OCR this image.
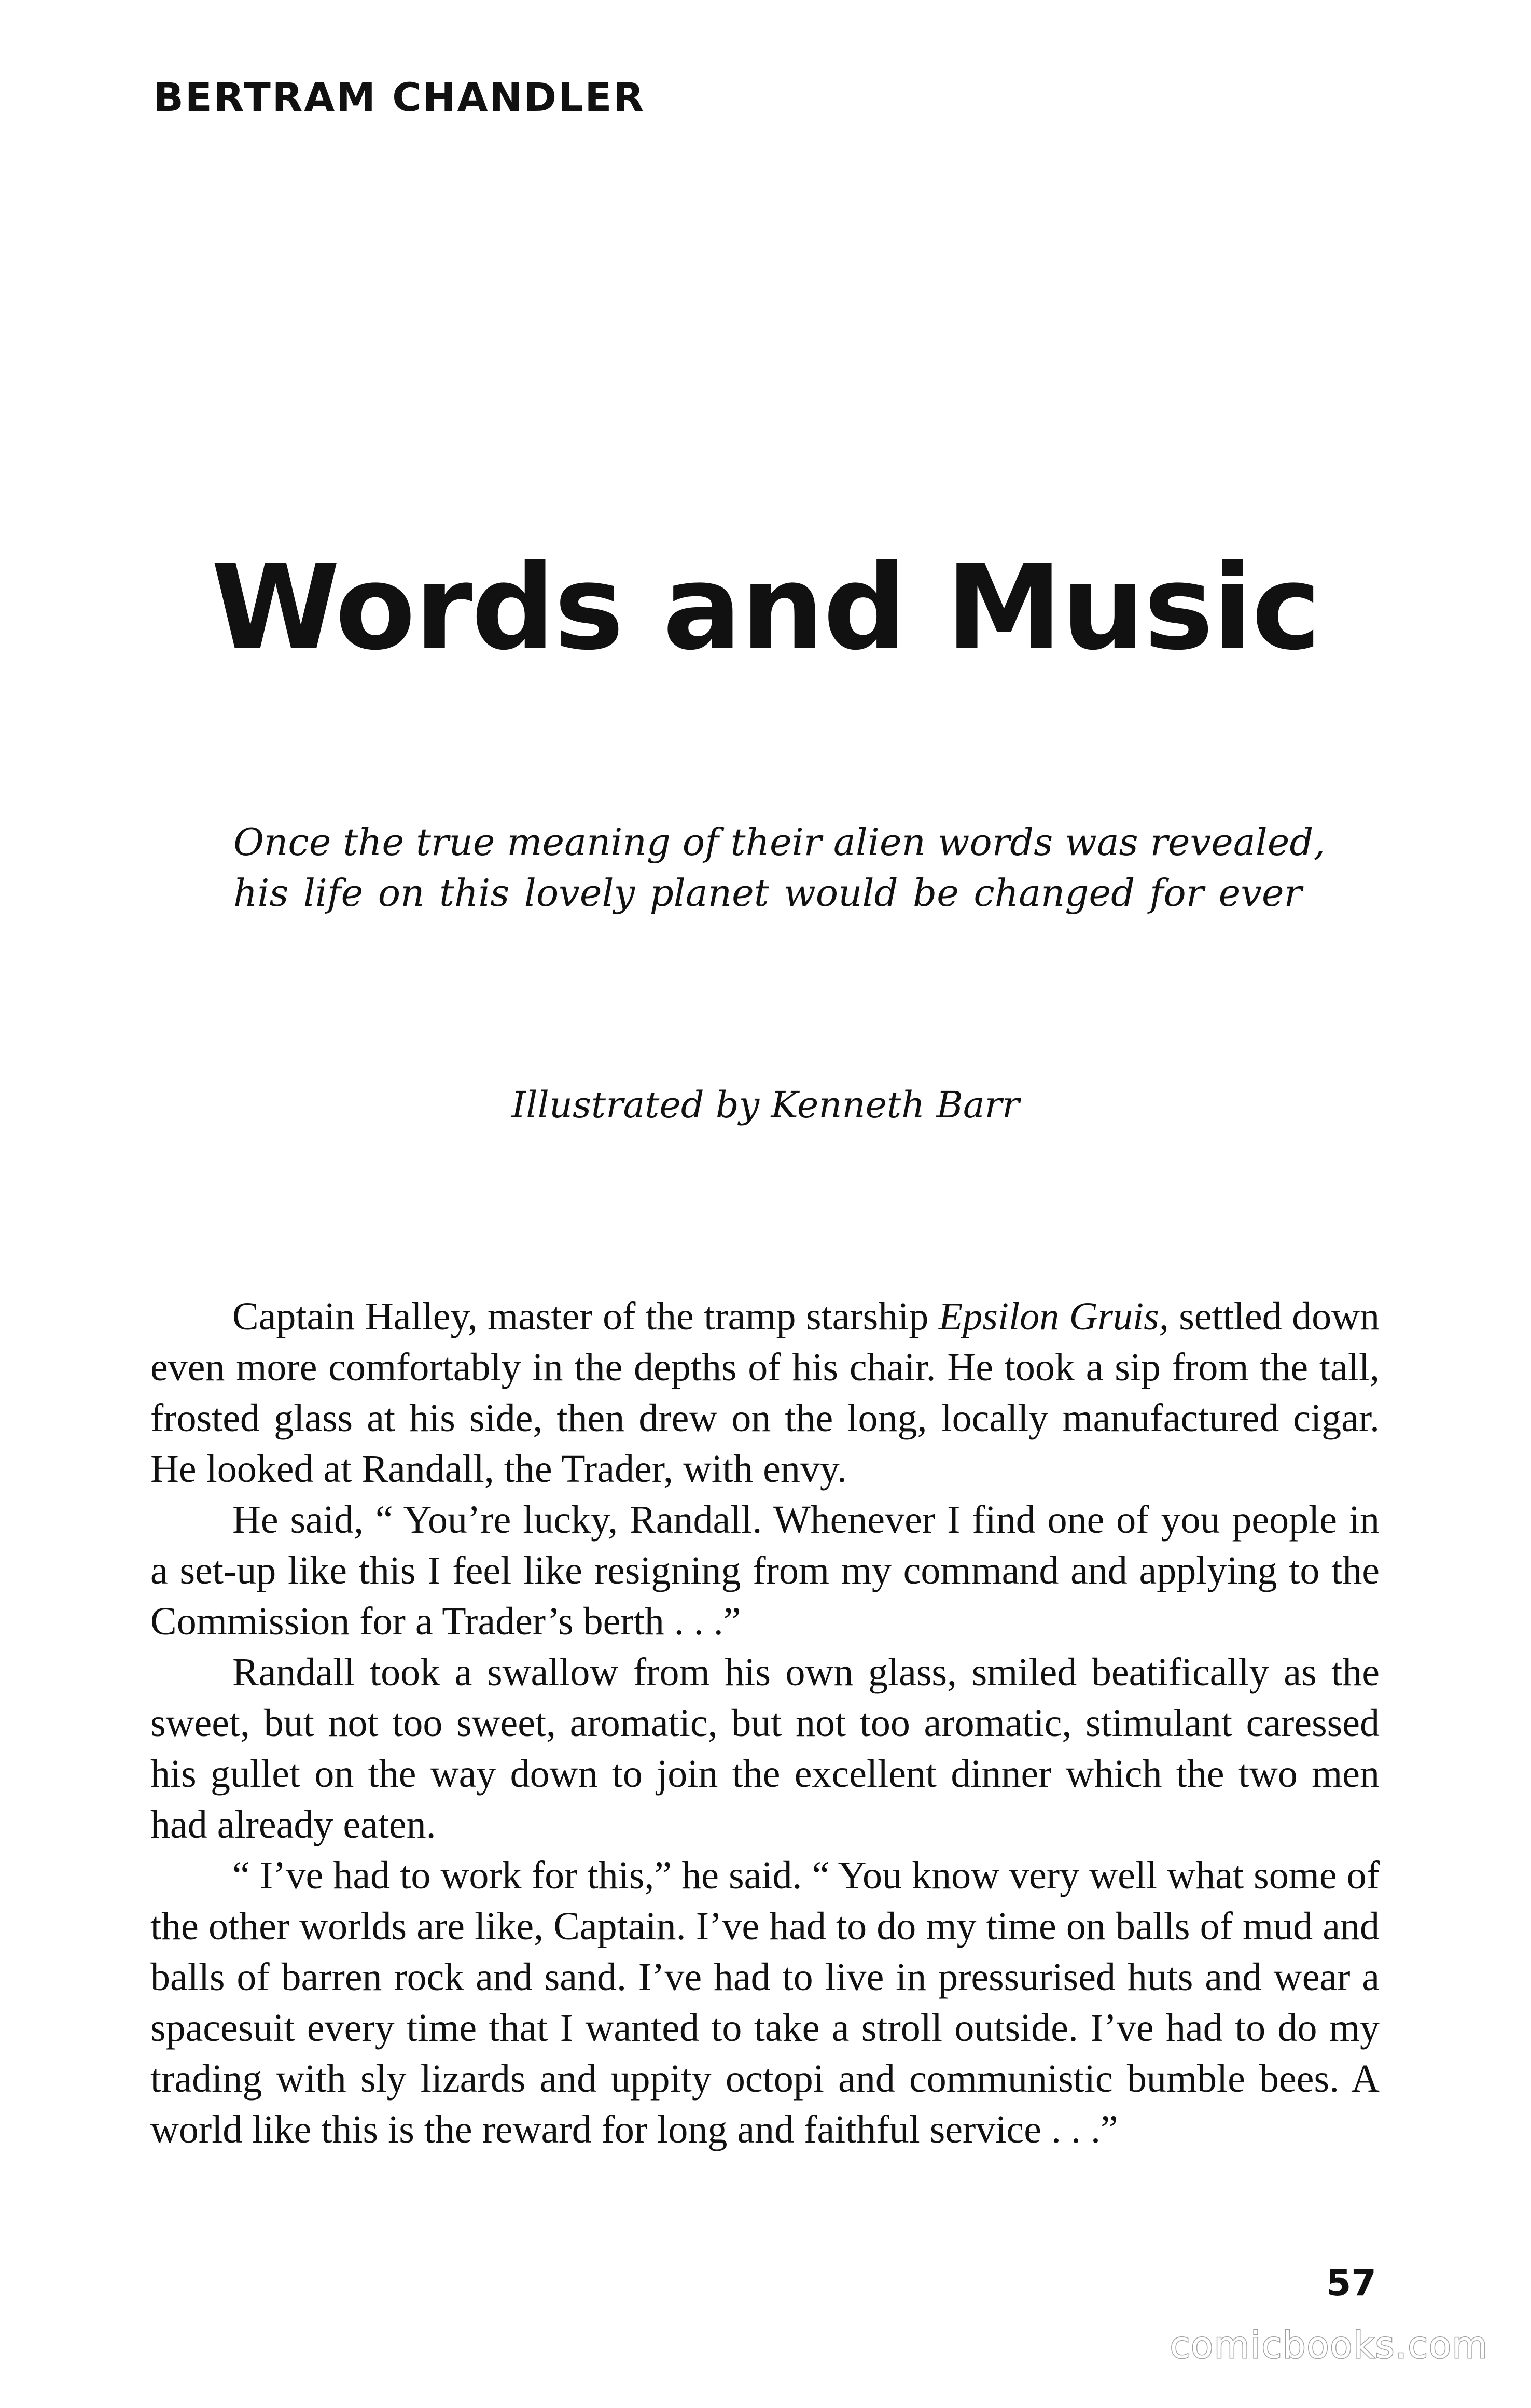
BERTRAM CHANDLER
Words and Music
Once the true meaning of their alien words was revealed,
his life on this lovely planet would be changed for ever
Illustrated by Kenneth Barr

Captain Halley, master of the tramp starship Epsilon Gruis, settled down even more comfortably in the depths of his chair. He took a sip from the tall, frosted glass at his side, then drew on the long, locally manufactured cigar. He looked at Randall, the Trader, with envy.

He said, “ You’re lucky, Randall. Whenever I find one of you people in a set-up like this I feel like resigning from my command and applying to the Commission for a Trader’s berth . . .”

Randall took a swallow from his own glass, smiled beatifically as the sweet, but not too sweet, aromatic, but not too aromatic, stimulant caressed his gullet on the way down to join the excellent dinner which the two men had already eaten.

“ I’ve had to work for this,” he said. “ You know very well what some of the other worlds are like, Captain. I’ve had to do my time on balls of mud and balls of barren rock and sand. I’ve had to live in pressurised huts and wear a spacesuit every time that I wanted to take a stroll outside. I’ve had to do my trading with sly lizards and uppity octopi and communistic bumble bees. A world like this is the reward for long and faithful service . . .”

57
comicbooks.com
